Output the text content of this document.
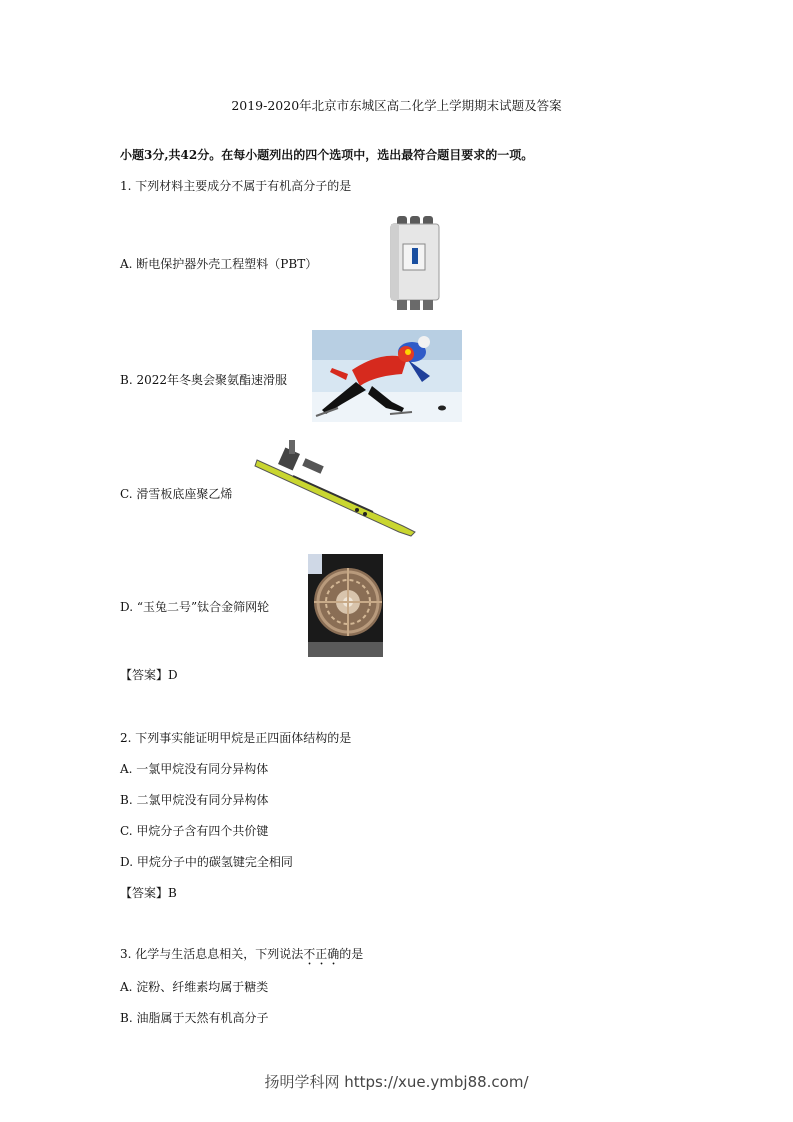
2019-2020年北京市东城区高二化学上学期期末试题及答案
小题3分,共42分。在每小题列出的四个选项中，选出最符合题目要求的一项。
1. 下列材料主要成分不属于有机高分子的是
A. 断电保护器外壳工程塑料（PBT）
B. 2022年冬奥会聚氨酯速滑服
C. 滑雪板底座聚乙烯
D. “玉兔二号”钛合金筛网轮
【答案】D
2. 下列事实能证明甲烷是正四面体结构的是
A. 一氯甲烷没有同分异构体
B. 二氯甲烷没有同分异构体
C. 甲烷分子含有四个共价键
D. 甲烷分子中的碳氢键完全相同
【答案】B
3. 化学与生活息息相关，下列说法不正确的是
A. 淀粉、纤维素均属于糖类
B. 油脂属于天然有机高分子
扬明学科网 https://xue.ymbj88.com/
